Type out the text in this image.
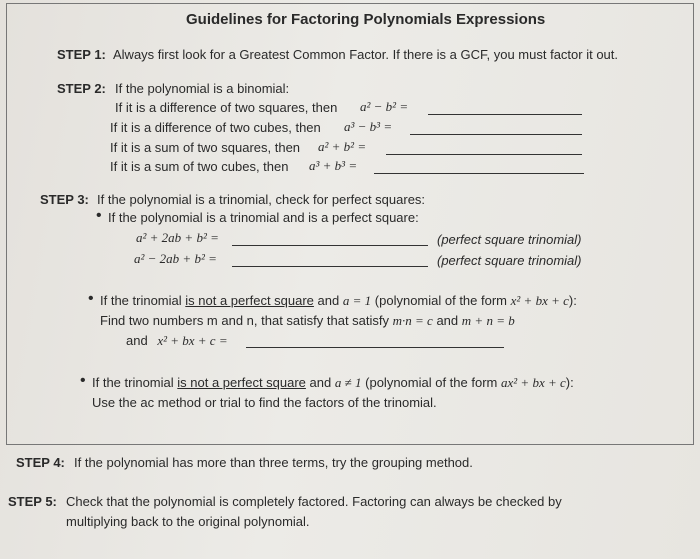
Guidelines for Factoring Polynomials Expressions
STEP 1: Always first look for a Greatest Common Factor. If there is a GCF, you must factor it out.
STEP 2: If the polynomial is a binomial:
If it is a difference of two squares, then a² − b² =
If it is a difference of two cubes, then a³ − b³ =
If it is a sum of two squares, then a² + b² =
If it is a sum of two cubes, then a³ + b³ =
STEP 3: If the polynomial is a trinomial, check for perfect squares:
• If the polynomial is a trinomial and is a perfect square:
a² + 2ab + b² =	(perfect square trinomial)
a² − 2ab + b² =	(perfect square trinomial)
• If the trinomial is not a perfect square and a = 1 (polynomial of the form x² + bx + c):
Find two numbers m and n, that satisfy that satisfy m·n = c and m + n = b
and x² + bx + c =
• If the trinomial is not a perfect square and a ≠ 1 (polynomial of the form ax² + bx + c):
Use the ac method or trial to find the factors of the trinomial.
STEP 4: If the polynomial has more than three terms, try the grouping method.
STEP 5: Check that the polynomial is completely factored. Factoring can always be checked by
multiplying back to the original polynomial.
